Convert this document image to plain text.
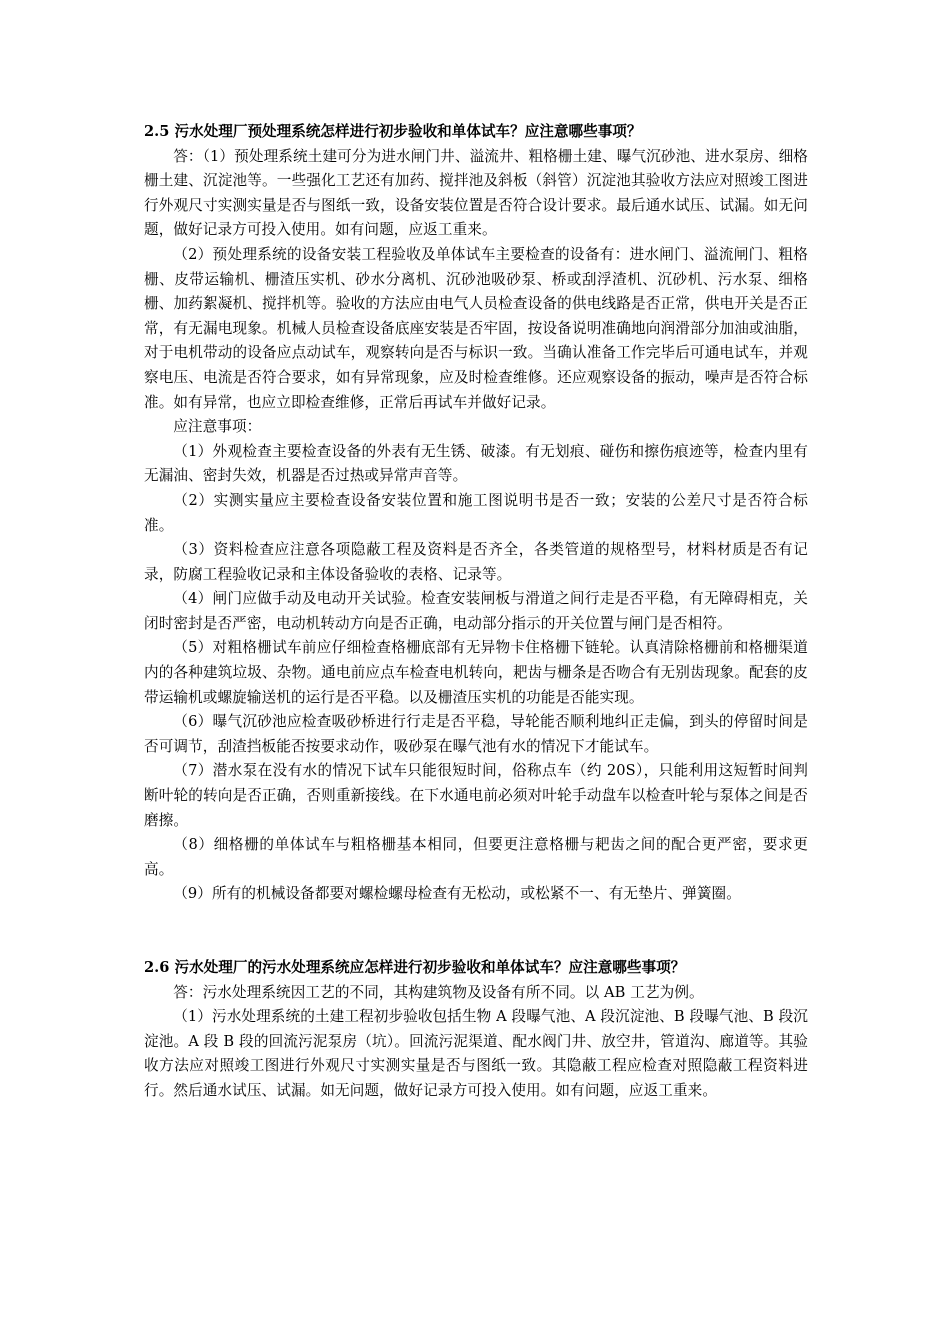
2.5 污水处理厂预处理系统怎样进行初步验收和单体试车？应注意哪些事项？

答：（1）预处理系统土建可分为进水闸门井、溢流井、粗格栅土建、曝气沉砂池、进水泵房、细格栅土建、沉淀池等。一些强化工艺还有加药、搅拌池及斜板（斜管）沉淀池其验收方法应对照竣工图进行外观尺寸实测实量是否与图纸一致，设备安装位置是否符合设计要求。最后通水试压、试漏。如无问题，做好记录方可投入使用。如有问题，应返工重来。

（2）预处理系统的设备安装工程验收及单体试车主要检查的设备有：进水闸门、溢流闸门、粗格栅、皮带运输机、栅渣压实机、砂水分离机、沉砂池吸砂泵、桥或刮浮渣机、沉砂机、污水泵、细格栅、加药絮凝机、搅拌机等。验收的方法应由电气人员检查设备的供电线路是否正常，供电开关是否正常，有无漏电现象。机械人员检查设备底座安装是否牢固，按设备说明准确地向润滑部分加油或油脂，对于电机带动的设备应点动试车，观察转向是否与标识一致。当确认准备工作完毕后可通电试车，并观察电压、电流是否符合要求，如有异常现象，应及时检查维修。还应观察设备的振动，噪声是否符合标准。如有异常，也应立即检查维修，正常后再试车并做好记录。

应注意事项：

（1）外观检查主要检查设备的外表有无生锈、破漆。有无划痕、碰伤和擦伤痕迹等，检查内里有无漏油、密封失效，机器是否过热或异常声音等。

（2）实测实量应主要检查设备安装位置和施工图说明书是否一致；安装的公差尺寸是否符合标准。

（3）资料检查应注意各项隐蔽工程及资料是否齐全，各类管道的规格型号，材料材质是否有记录，防腐工程验收记录和主体设备验收的表格、记录等。

（4）闸门应做手动及电动开关试验。检查安装闸板与滑道之间行走是否平稳，有无障碍相克，关闭时密封是否严密，电动机转动方向是否正确，电动部分指示的开关位置与闸门是否相符。

（5）对粗格栅试车前应仔细检查格栅底部有无异物卡住格栅下链轮。认真清除格栅前和格栅渠道内的各种建筑垃圾、杂物。通电前应点车检查电机转向，耙齿与栅条是否吻合有无别齿现象。配套的皮带运输机或螺旋输送机的运行是否平稳。以及栅渣压实机的功能是否能实现。

（6）曝气沉砂池应检查吸砂桥进行行走是否平稳，导轮能否顺利地纠正走偏，到头的停留时间是否可调节，刮渣挡板能否按要求动作，吸砂泵在曝气池有水的情况下才能试车。

（7）潜水泵在没有水的情况下试车只能很短时间，俗称点车（约 20S），只能利用这短暂时间判断叶轮的转向是否正确，否则重新接线。在下水通电前必须对叶轮手动盘车以检查叶轮与泵体之间是否磨擦。

（8）细格栅的单体试车与粗格栅基本相同，但要更注意格栅与耙齿之间的配合更严密，要求更高。

（9）所有的机械设备都要对螺检螺母检查有无松动，或松紧不一、有无垫片、弹簧圈。

2.6 污水处理厂的污水处理系统应怎样进行初步验收和单体试车？应注意哪些事项？

答：污水处理系统因工艺的不同，其构建筑物及设备有所不同。以 AB 工艺为例。

（1）污水处理系统的土建工程初步验收包括生物 A 段曝气池、A 段沉淀池、B 段曝气池、B 段沉淀池。A 段 B 段的回流污泥泵房（坑）。回流污泥渠道、配水阀门井、放空井，管道沟、廊道等。其验收方法应对照竣工图进行外观尺寸实测实量是否与图纸一致。其隐蔽工程应检查对照隐蔽工程资料进行。然后通水试压、试漏。如无问题，做好记录方可投入使用。如有问题，应返工重来。
